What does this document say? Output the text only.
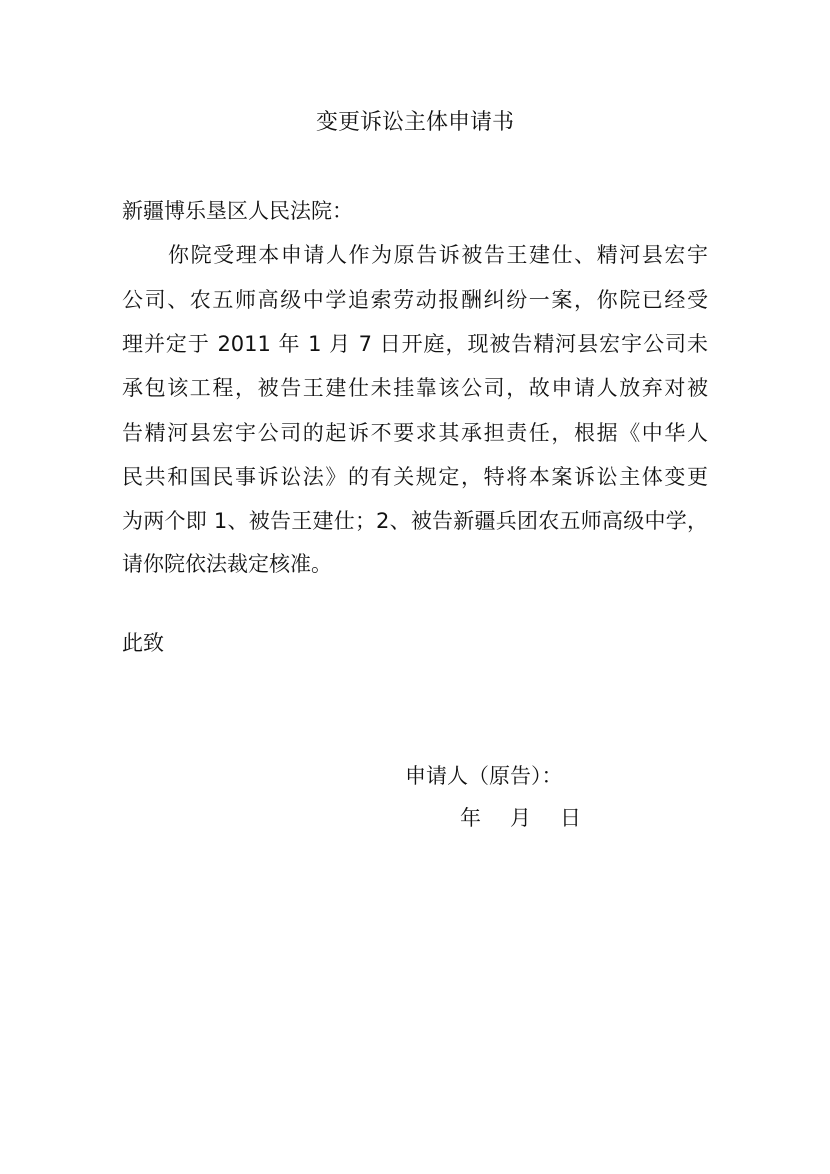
变更诉讼主体申请书
新疆博乐垦区人民法院：
你院受理本申请人作为原告诉被告王建仕、精河县宏宇
公司、农五师高级中学追索劳动报酬纠纷一案，你院已经受
理并定于 2011 年 1 月 7 日开庭，现被告精河县宏宇公司未
承包该工程，被告王建仕未挂靠该公司，故申请人放弃对被
告精河县宏宇公司的起诉不要求其承担责任，根据《中华人
民共和国民事诉讼法》的有关规定，特将本案诉讼主体变更
为两个即 1、被告王建仕；2、被告新疆兵团农五师高级中学，
请你院依法裁定核准。
此致
申请人（原告）：
年　月　日
